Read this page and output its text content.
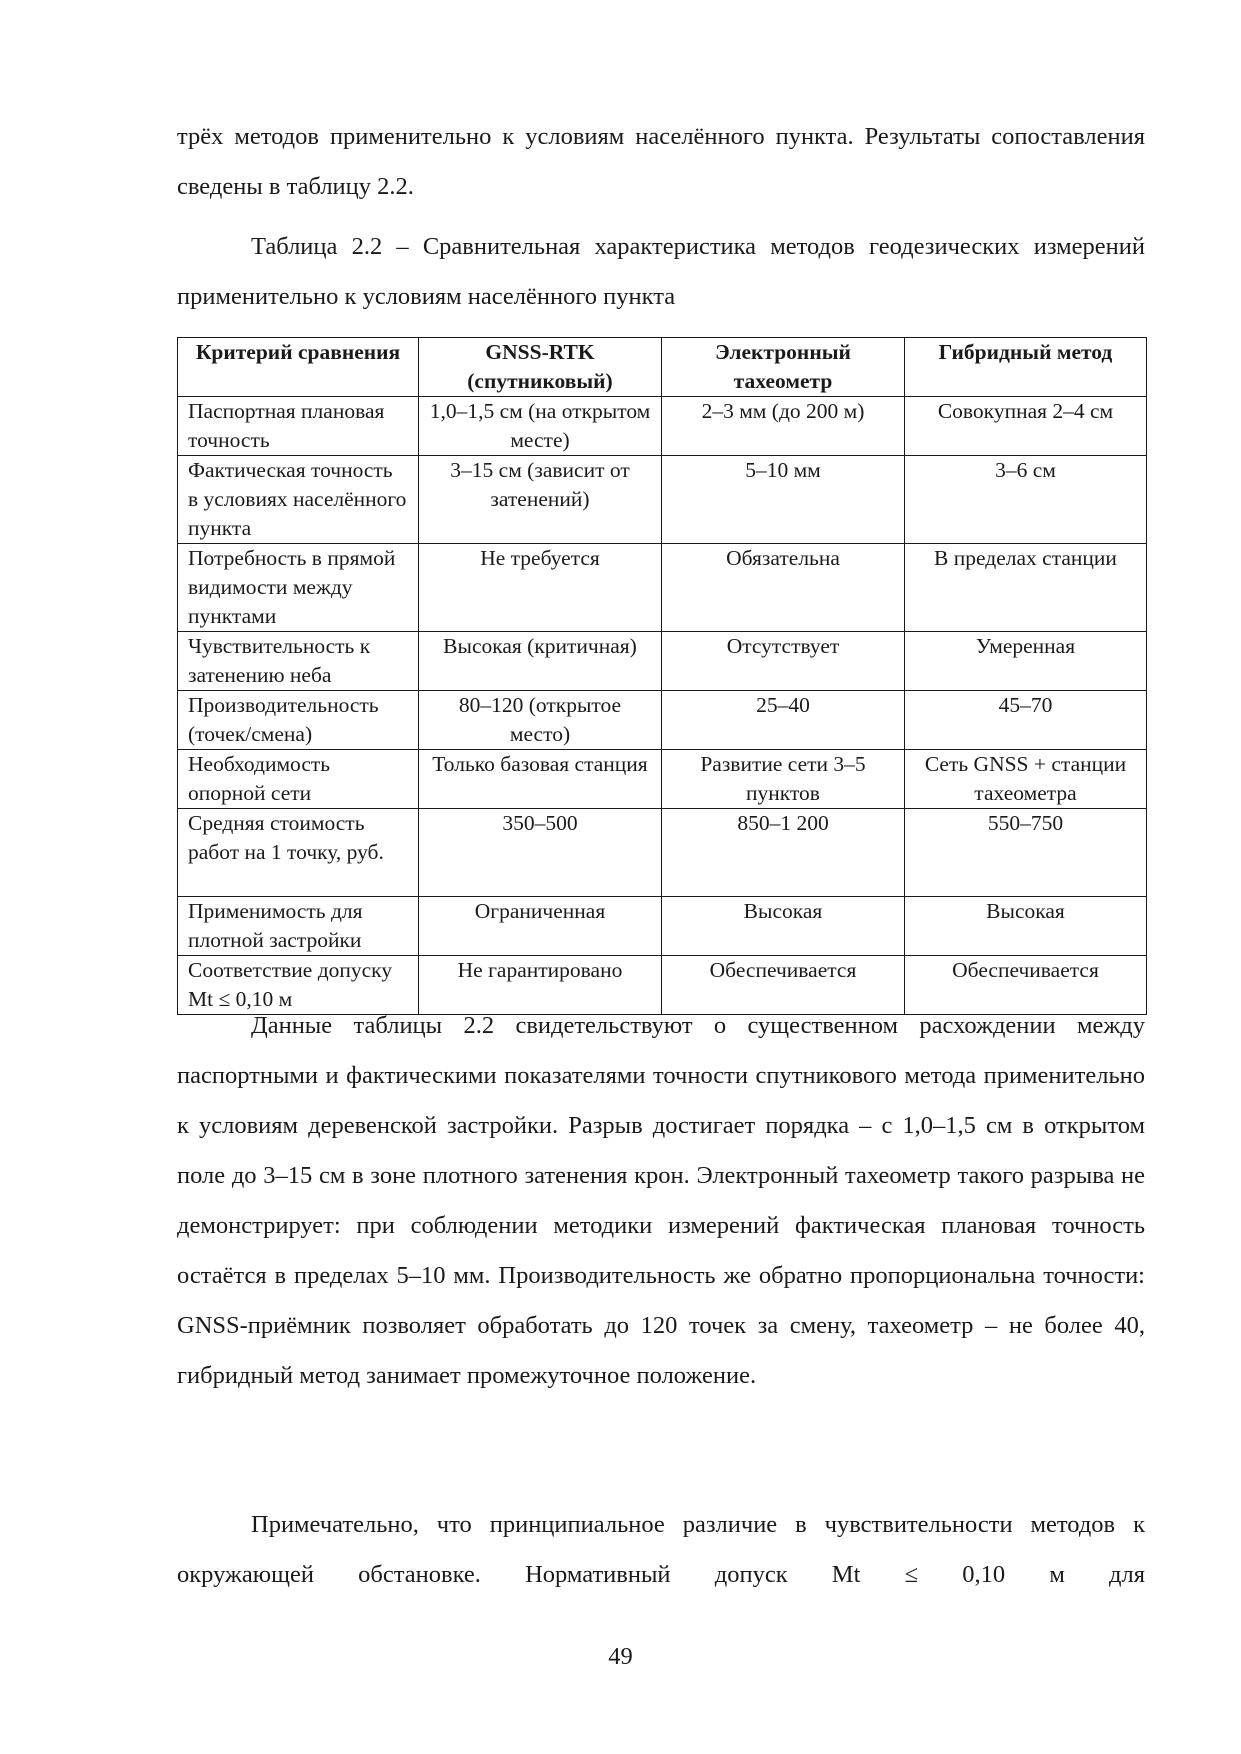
трёх методов применительно к условиям населённого пункта. Результаты сопоставления сведены в таблицу 2.2.

Таблица 2.2 – Сравнительная характеристика методов геодезических измерений применительно к условиям населённого пункта

Критерий сравнения	GNSS-RTK (спутниковый)	Электронный тахеометр	Гибридный метод
Паспортная плановая точность	1,0–1,5 см (на открытом месте)	2–3 мм (до 200 м)	Совокупная 2–4 см
Фактическая точность в условиях населённого пункта	3–15 см (зависит от затенений)	5–10 мм	3–6 см
Потребность в прямой видимости между пунктами	Не требуется	Обязательна	В пределах станции
Чувствительность к затенению неба	Высокая (критичная)	Отсутствует	Умеренная
Производительность (точек/смена)	80–120 (открытое место)	25–40	45–70
Необходимость опорной сети	Только базовая станция	Развитие сети 3–5 пунктов	Сеть GNSS + станции тахеометра
Средняя стоимость работ на 1 точку, руб.	350–500	850–1 200	550–750
Применимость для плотной застройки	Ограниченная	Высокая	Высокая
Соответствие допуску Mt ≤ 0,10 м	Не гарантировано	Обеспечивается	Обеспечивается

Данные таблицы 2.2 свидетельствуют о существенном расхождении между паспортными и фактическими показателями точности спутникового метода применительно к условиям деревенской застройки. Разрыв достигает порядка – с 1,0–1,5 см в открытом поле до 3–15 см в зоне плотного затенения крон. Электронный тахеометр такого разрыва не демонстрирует: при соблюдении методики измерений фактическая плановая точность остаётся в пределах 5–10 мм. Производительность же обратно пропорциональна точности: GNSS-приёмник позволяет обработать до 120 точек за смену, тахеометр – не более 40, гибридный метод занимает промежуточное положение.

Примечательно, что принципиальное различие в чувствительности методов к окружающей обстановке. Нормативный допуск Mt ≤ 0,10 м для

49
